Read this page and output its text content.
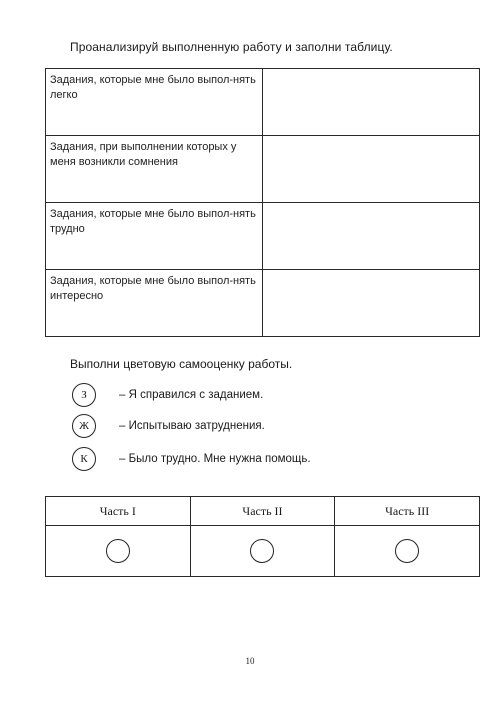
Проанализируй выполненную работу и заполни таблицу.
Задания, которые мне было выпол-нять легко	
Задания, при выполнении которых у меня возникли сомнения	
Задания, которые мне было выпол-нять трудно	
Задания, которые мне было выпол-нять интересно	
Выполни цветовую самооценку работы.
З	– Я справился с заданием.
Ж	– Испытываю затруднения.
К	– Было трудно. Мне нужна помощь.
Часть I	Часть II	Часть III

10
